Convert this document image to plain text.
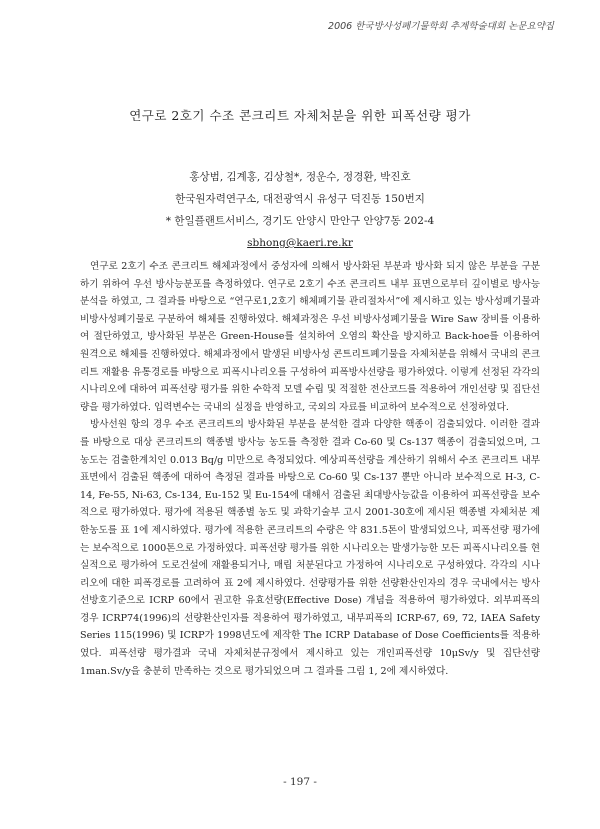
2006 한국방사성폐기물학회 추계학술대회 논문요약집
연구로 2호기 수조 콘크리트 자체처분을 위한 피폭선량 평가
홍상범, 김계홍, 김상철*, 정운수, 정경환, 박진호
한국원자력연구소, 대전광역시 유성구 덕진동 150번지
* 한일플랜트서비스, 경기도 안양시 만안구 안양7동 202-4
sbhong@kaeri.re.kr

연구로 2호기 수조 콘크리트 해체과정에서 중성자에 의해서 방사화된 부분과 방사화 되지 않은 부분을 구분하기 위하여 우선 방사능분포를 측정하였다. 연구로 2호기 수조 콘크리트 내부 표면으로부터 깊이별로 방사능 분석을 하였고, 그 결과를 바탕으로 “연구로1,2호기 해체폐기물 관리절차서”에 제시하고 있는 방사성폐기물과 비방사성폐기물로 구분하여 해체를 진행하였다. 해체과정은 우선 비방사성폐기물을 Wire Saw 장비를 이용하여 절단하였고, 방사화된 부분은 Green-House를 설치하여 오염의 확산을 방지하고 Back-hoe를 이용하여 원격으로 해체를 진행하였다. 해체과정에서 발생된 비방사성 콘트리트폐기물을 자체처분을 위해서 국내의 콘크리트 재활용 유통경로를 바탕으로 피폭시나리오를 구성하여 피폭방사선량을 평가하였다. 이렇게 선정된 각각의 시나리오에 대하여 피폭선량 평가를 위한 수학적 모델 수립 및 적절한 전산코드를 적용하여 개인선량 및 집단선량을 평가하였다. 입력변수는 국내의 실정을 반영하고, 국외의 자료를 비교하여 보수적으로 선정하였다.

방사선원 항의 경우 수조 콘크리트의 방사화된 부분을 분석한 결과 다양한 핵종이 검출되었다. 이러한 결과를 바탕으로 대상 콘크리트의 핵종별 방사능 농도를 측정한 결과 Co-60 및 Cs-137 핵종이 검출되었으며, 그 농도는 검출한계치인 0.013 Bq/g 미만으로 측정되었다. 예상피폭선량을 계산하기 위해서 수조 콘크리트 내부 표면에서 검출된 핵종에 대하여 측정된 결과를 바탕으로 Co-60 및 Cs-137 뿐만 아니라 보수적으로 H-3, C-14, Fe-55, Ni-63, Cs-134, Eu-152 및 Eu-154에 대해서 검출된 최대방사능값을 이용하여 피폭선량을 보수적으로 평가하였다. 평가에 적용된 핵종별 농도 및 과학기술부 고시 2001-30호에 제시된 핵종별 자체처분 제한농도를 표 1에 제시하였다. 평가에 적용한 콘크리트의 수량은 약 831.5톤이 발생되었으나, 피폭선량 평가에는 보수적으로 1000톤으로 가정하였다. 피폭선량 평가를 위한 시나리오는 발생가능한 모든 피폭시나리오를 현실적으로 평가하여 도로건설에 재활용되거나, 매립 처분된다고 가정하여 시나리오로 구성하였다. 각각의 시나리오에 대한 피폭경로를 고려하여 표 2에 제시하였다. 선량평가를 위한 선량환산인자의 경우 국내에서는 방사선방호기준으로 ICRP 60에서 권고한 유효선량(Effective Dose) 개념을 적용하여 평가하였다. 외부피폭의 경우 ICRP74(1996)의 선량환산인자를 적용하여 평가하였고, 내부피폭의 ICRP-67, 69, 72, IAEA Safety Series 115(1996) 및 ICRP가 1998년도에 제작한 The ICRP Database of Dose Coefficients를 적용하였다. 피폭선량 평가결과 국내 자체처분규정에서 제시하고 있는 개인피폭선량 10μSv/y 및 집단선량 1man.Sv/y을 충분히 만족하는 것으로 평가되었으며 그 결과를 그림 1, 2에 제시하였다.

- 197 -
